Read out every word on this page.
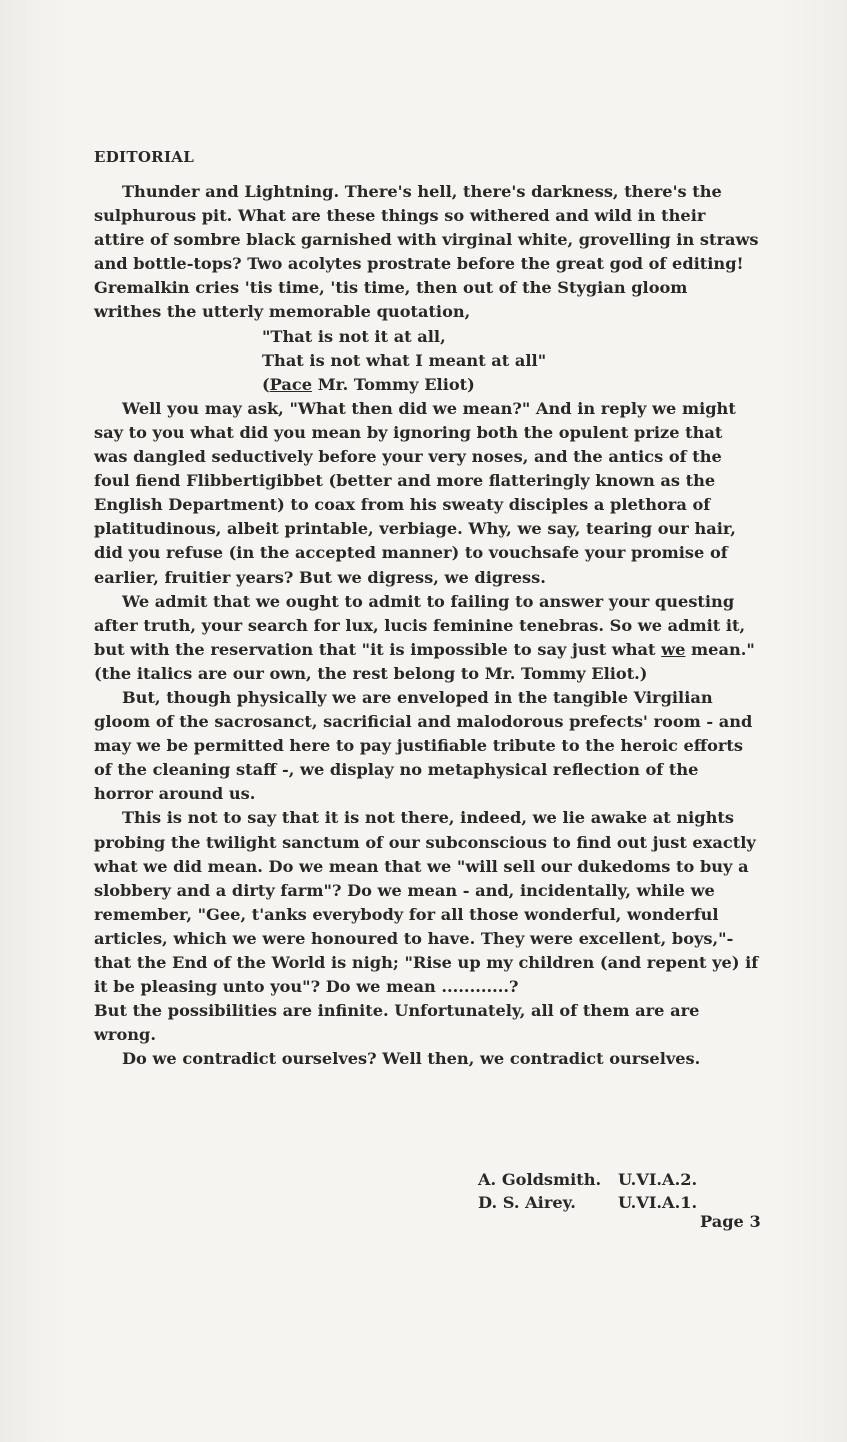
EDITORIAL

Thunder and Lightning. There's hell, there's darkness, there's the sulphurous pit. What are these things so withered and wild in their attire of sombre black garnished with virginal white, grovelling in straws and bottle-tops? Two acolytes prostrate before the great god of editing! Gremalkin cries 'tis time, 'tis time, then out of the Stygian gloom writhes the utterly memorable quotation,

"That is not it at all,
That is not what I meant at all"
(Pace Mr. Tommy Eliot)

Well you may ask, "What then did we mean?" And in reply we might say to you what did you mean by ignoring both the opulent prize that was dangled seductively before your very noses, and the antics of the foul fiend Flibbertigibbet (better and more flatteringly known as the English Department) to coax from his sweaty disciples a plethora of platitudinous, albeit printable, verbiage. Why, we say, tearing our hair, did you refuse (in the accepted manner) to vouchsafe your promise of earlier, fruitier years? But we digress, we digress.

We admit that we ought to admit to failing to answer your questing after truth, your search for lux, lucis feminine tenebras. So we admit it, but with the reservation that "it is impossible to say just what we mean." (the italics are our own, the rest belong to Mr. Tommy Eliot.)

But, though physically we are enveloped in the tangible Virgilian gloom of the sacrosanct, sacrificial and malodorous prefects' room - and may we be permitted here to pay justifiable tribute to the heroic efforts of the cleaning staff -, we display no metaphysical reflection of the horror around us.

This is not to say that it is not there, indeed, we lie awake at nights probing the twilight sanctum of our subconscious to find out just exactly what we did mean. Do we mean that we "will sell our dukedoms to buy a slobbery and a dirty farm"? Do we mean - and, incidentally, while we remember, "Gee, t'anks everybody for all those wonderful, wonderful articles, which we were honoured to have. They were excellent, boys,"- that the End of the World is nigh; "Rise up my children (and repent ye) if it be pleasing unto you"? Do we mean ............?

But the possibilities are infinite. Unfortunately, all of them are are wrong.

Do we contradict ourselves? Well then, we contradict ourselves.

A. Goldsmith. U.VI.A.2.
D. S. Airey.	U.VI.A.1.
Page 3
